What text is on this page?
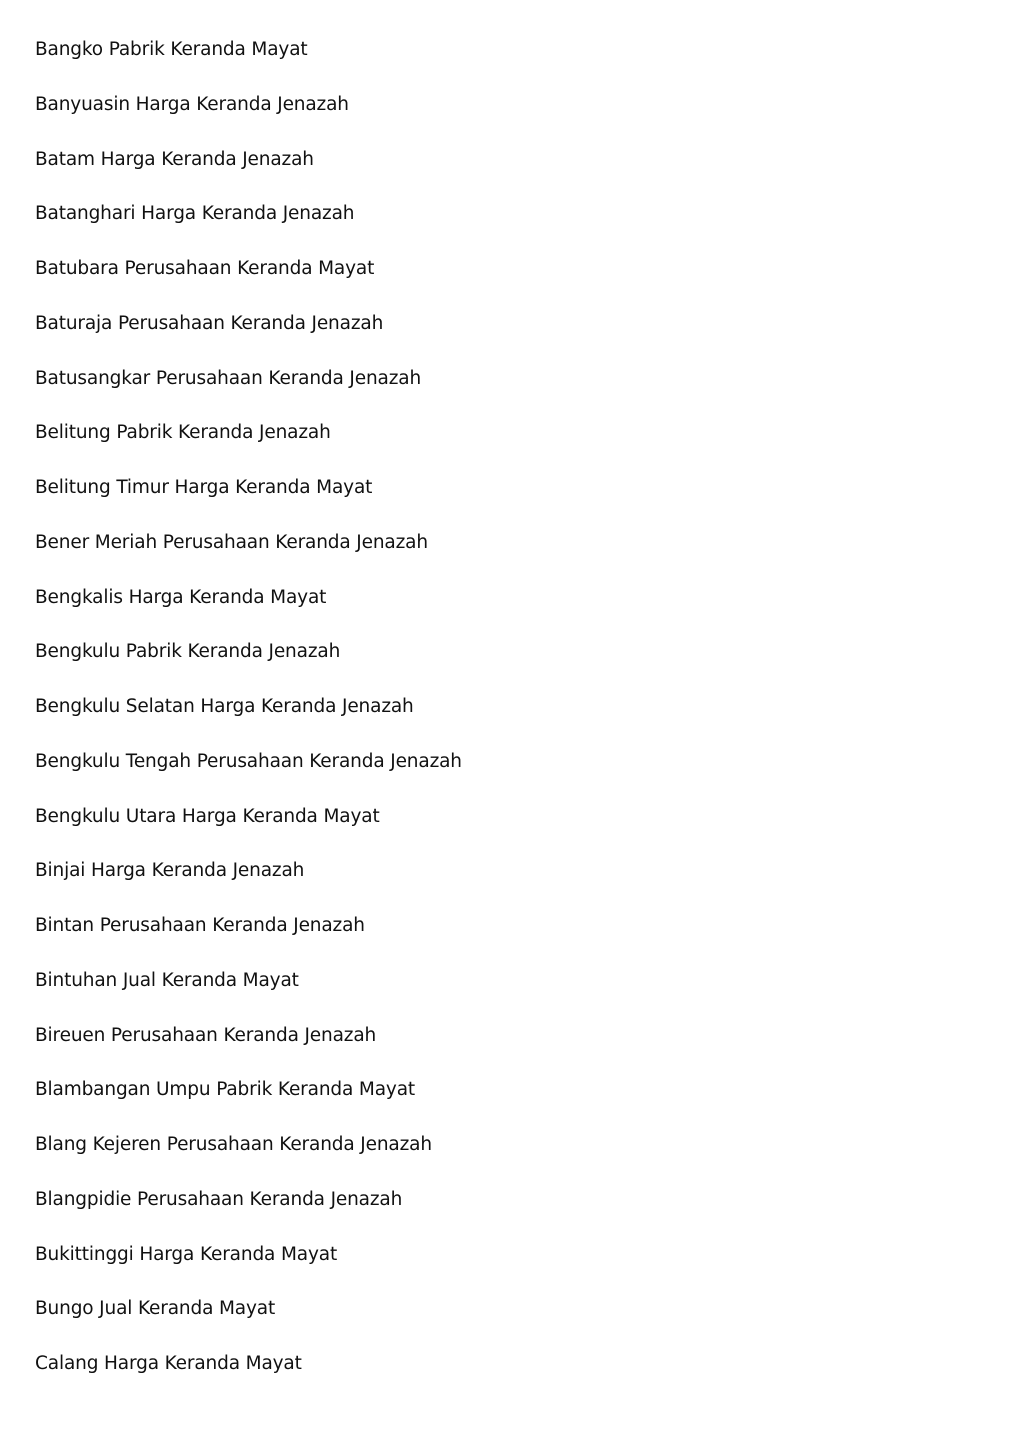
Bangko Pabrik Keranda Mayat
Banyuasin Harga Keranda Jenazah
Batam Harga Keranda Jenazah
Batanghari Harga Keranda Jenazah
Batubara Perusahaan Keranda Mayat
Baturaja Perusahaan Keranda Jenazah
Batusangkar Perusahaan Keranda Jenazah
Belitung Pabrik Keranda Jenazah
Belitung Timur Harga Keranda Mayat
Bener Meriah Perusahaan Keranda Jenazah
Bengkalis Harga Keranda Mayat
Bengkulu Pabrik Keranda Jenazah
Bengkulu Selatan Harga Keranda Jenazah
Bengkulu Tengah Perusahaan Keranda Jenazah
Bengkulu Utara Harga Keranda Mayat
Binjai Harga Keranda Jenazah
Bintan Perusahaan Keranda Jenazah
Bintuhan Jual Keranda Mayat
Bireuen Perusahaan Keranda Jenazah
Blambangan Umpu Pabrik Keranda Mayat
Blang Kejeren Perusahaan Keranda Jenazah
Blangpidie Perusahaan Keranda Jenazah
Bukittinggi Harga Keranda Mayat
Bungo Jual Keranda Mayat
Calang Harga Keranda Mayat
